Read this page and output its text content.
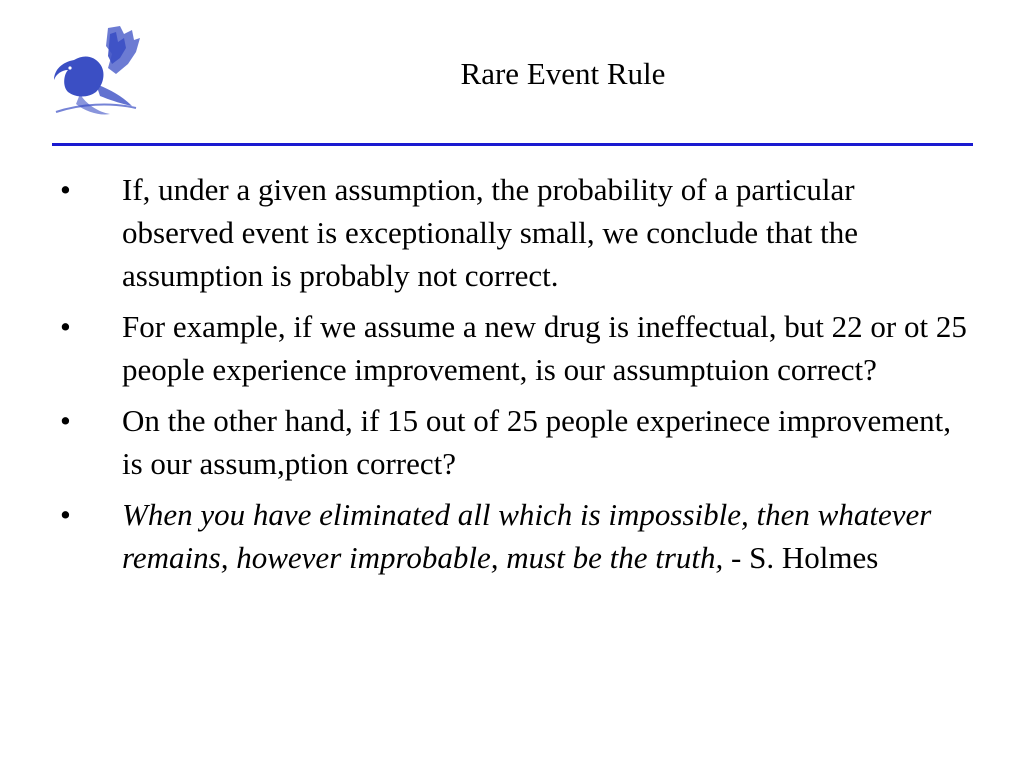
Rare Event Rule
• If, under a given assumption, the probability of a particular observed event is exceptionally small, we conclude that the assumption is probably not correct.
• For example, if we assume a new drug is ineffectual, but 22 or ot 25 people experience improvement, is our assumptuion correct?
• On the other hand, if 15 out of 25 people experinece improvement, is our assum,ption correct?
• When you have eliminated all which is impossible, then whatever remains, however improbable, must be the truth, - S. Holmes
